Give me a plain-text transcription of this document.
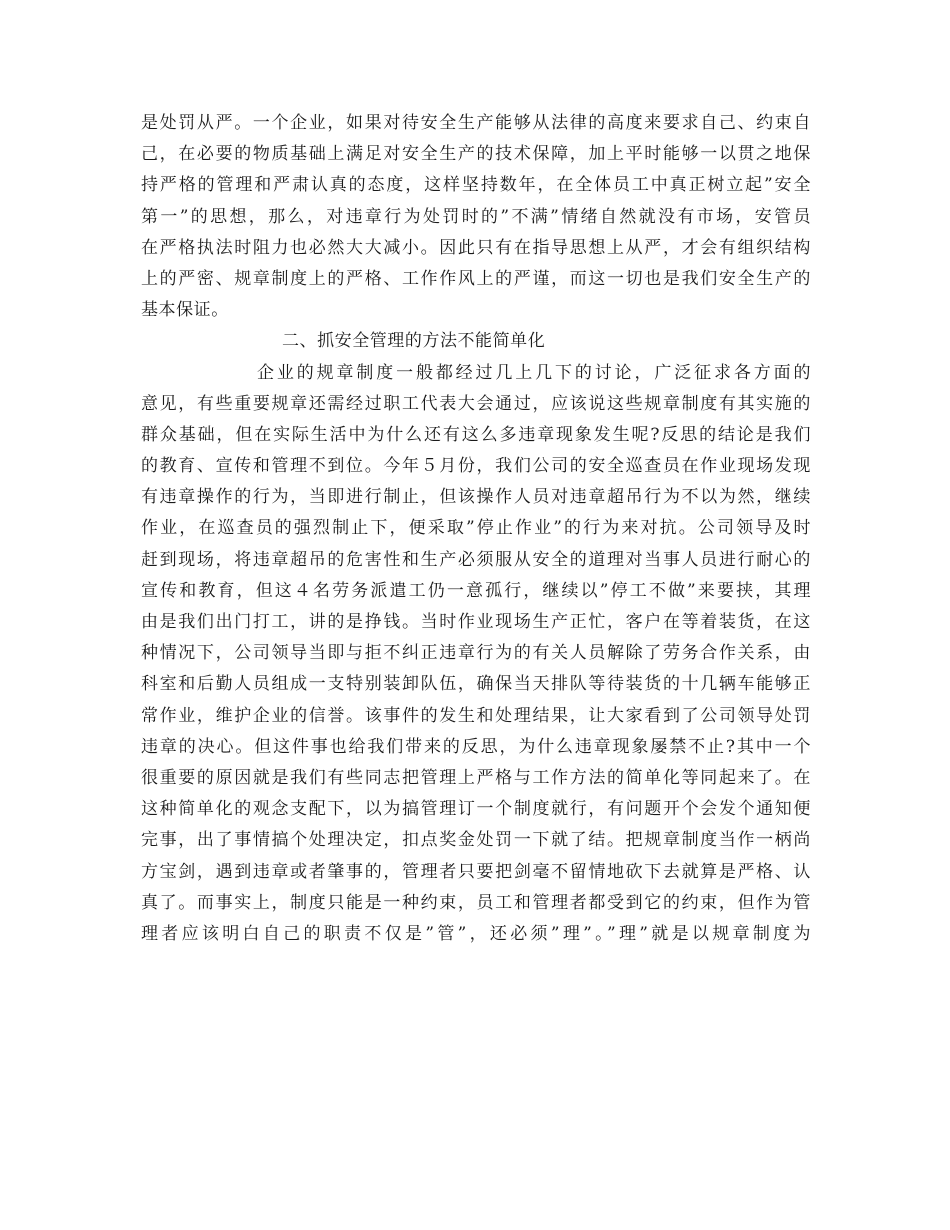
是处罚从严。一个企业，如果对待安全生产能够从法律的高度来要求自己、约束自
己，在必要的物质基础上满足对安全生产的技术保障，加上平时能够一以贯之地保
持严格的管理和严肃认真的态度，这样坚持数年，在全体员工中真正树立起”安全
第一”的思想，那么，对违章行为处罚时的”不满”情绪自然就没有市场，安管员
在严格执法时阻力也必然大大减小。因此只有在指导思想上从严，才会有组织结构
上的严密、规章制度上的严格、工作作风上的严谨，而这一切也是我们安全生产的
基本保证。
二、抓安全管理的方法不能简单化
企业的规章制度一般都经过几上几下的讨论，广泛征求各方面的
意见，有些重要规章还需经过职工代表大会通过，应该说这些规章制度有其实施的
群众基础，但在实际生活中为什么还有这么多违章现象发生呢?反思的结论是我们
的教育、宣传和管理不到位。今年５月份，我们公司的安全巡查员在作业现场发现
有违章操作的行为，当即进行制止，但该操作人员对违章超吊行为不以为然，继续
作业，在巡查员的强烈制止下，便采取”停止作业”的行为来对抗。公司领导及时
赶到现场，将违章超吊的危害性和生产必须服从安全的道理对当事人员进行耐心的
宣传和教育，但这４名劳务派遣工仍一意孤行，继续以”停工不做”来要挟，其理
由是我们出门打工，讲的是挣钱。当时作业现场生产正忙，客户在等着装货，在这
种情况下，公司领导当即与拒不纠正违章行为的有关人员解除了劳务合作关系，由
科室和后勤人员组成一支特别装卸队伍，确保当天排队等待装货的十几辆车能够正
常作业，维护企业的信誉。该事件的发生和处理结果，让大家看到了公司领导处罚
违章的决心。但这件事也给我们带来的反思，为什么违章现象屡禁不止?其中一个
很重要的原因就是我们有些同志把管理上严格与工作方法的简单化等同起来了。在
这种简单化的观念支配下，以为搞管理订一个制度就行，有问题开个会发个通知便
完事，出了事情搞个处理决定，扣点奖金处罚一下就了结。把规章制度当作一柄尚
方宝剑，遇到违章或者肇事的，管理者只要把剑毫不留情地砍下去就算是严格、认
真了。而事实上，制度只能是一种约束，员工和管理者都受到它的约束，但作为管
理者应该明白自己的职责不仅是”管”，还必须”理”。”理”就是以规章制度为
